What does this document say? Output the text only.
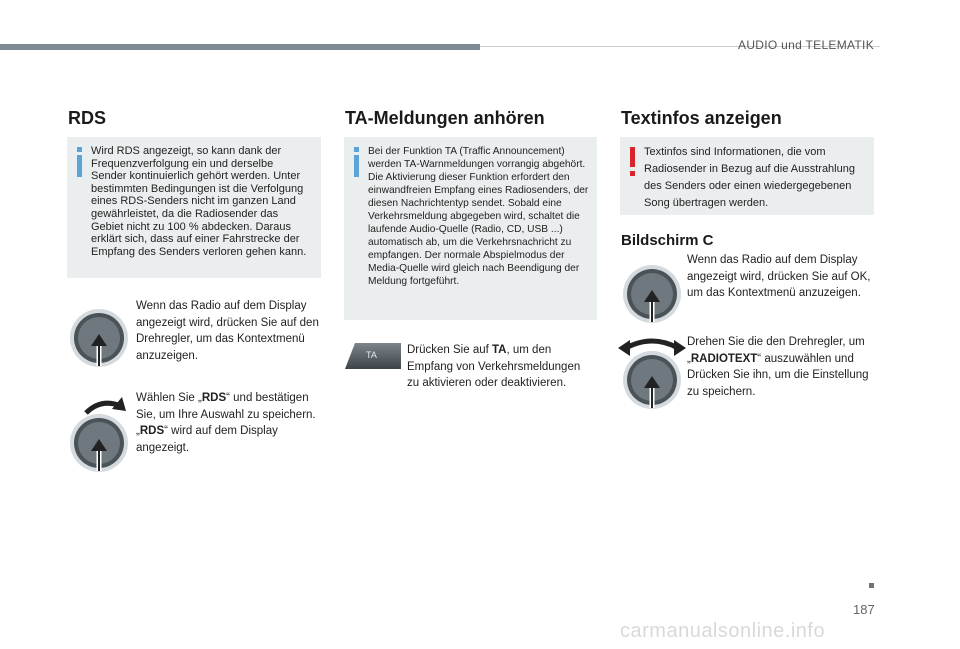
AUDIO und TELEMATIK
RDS
Wird RDS angezeigt, so kann dank der Frequenzverfolgung ein und derselbe Sender kontinuierlich gehört werden. Unter bestimmten Bedingungen ist die Verfolgung eines RDS-Senders nicht im ganzen Land gewährleistet, da die Radiosender das Gebiet nicht zu 100 % abdecken. Daraus erklärt sich, dass auf einer Fahrstrecke der Empfang des Senders verloren gehen kann.
Wenn das Radio auf dem Display angezeigt wird, drücken Sie auf den Drehregler, um das Kontextmenü anzuzeigen.
Wählen Sie „RDS“ und bestätigen Sie, um Ihre Auswahl zu speichern.
„RDS“ wird auf dem Display angezeigt.
TA-Meldungen anhören
Bei der Funktion TA (Traffic Announcement) werden TA-Warnmeldungen vorrangig abgehört. Die Aktivierung dieser Funktion erfordert den einwandfreien Empfang eines Radiosenders, der diesen Nachrichtentyp sendet. Sobald eine Verkehrsmeldung abgegeben wird, schaltet die laufende Audio-Quelle (Radio, CD, USB ...) automatisch ab, um die Verkehrsnachricht zu empfangen. Der normale Abspielmodus der Media-Quelle wird gleich nach Beendigung der Meldung fortgeführt.
TA	Drücken Sie auf TA, um den Empfang von Verkehrsmeldungen zu aktivieren oder deaktivieren.
Textinfos anzeigen
Textinfos sind Informationen, die vom Radiosender in Bezug auf die Ausstrahlung des Senders oder einen wiedergegebenen Song übertragen werden.
Bildschirm C
Wenn das Radio auf dem Display angezeigt wird, drücken Sie auf OK, um das Kontextmenü anzuzeigen.
Drehen Sie die den Drehregler, um „RADIOTEXT“ auszuwählen und Drücken Sie ihn, um die Einstellung zu speichern.
187
carmanualsonline.info
